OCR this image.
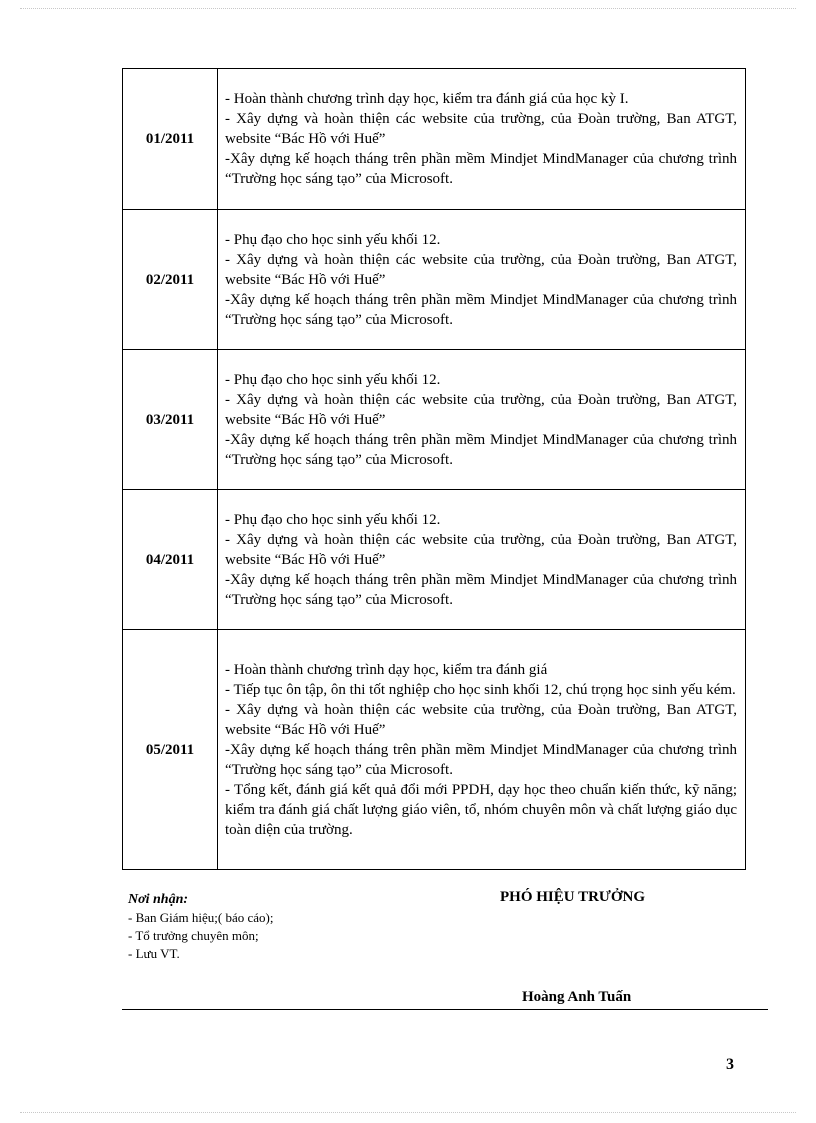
01/2011	- Hoàn thành chương trình dạy học, kiểm tra đánh giá của học kỳ I.
- Xây dựng và hoàn thiện các website của trường, của Đoàn trường, Ban ATGT, website “Bác Hồ với Huế”
-Xây dựng kế hoạch tháng trên phần mềm Mindjet MindManager của chương trình “Trường học sáng tạo” của Microsoft.

02/2011	- Phụ đạo cho học sinh yếu khối 12.
- Xây dựng và hoàn thiện các website của trường, của Đoàn trường, Ban ATGT, website “Bác Hồ với Huế”
-Xây dựng kế hoạch tháng trên phần mềm Mindjet MindManager của chương trình “Trường học sáng tạo” của Microsoft.

03/2011	- Phụ đạo cho học sinh yếu khối 12.
- Xây dựng và hoàn thiện các website của trường, của Đoàn trường, Ban ATGT, website “Bác Hồ với Huế”
-Xây dựng kế hoạch tháng trên phần mềm Mindjet MindManager của chương trình “Trường học sáng tạo” của Microsoft.

04/2011	- Phụ đạo cho học sinh yếu khối 12.
- Xây dựng và hoàn thiện các website của trường, của Đoàn trường, Ban ATGT, website “Bác Hồ với Huế”
-Xây dựng kế hoạch tháng trên phần mềm Mindjet MindManager của chương trình “Trường học sáng tạo” của Microsoft.

05/2011	- Hoàn thành chương trình dạy học, kiểm tra đánh giá
- Tiếp tục ôn tập, ôn thi tốt nghiệp cho học sinh khối 12, chú trọng học sinh yếu kém.
- Xây dựng và hoàn thiện các website của trường, của Đoàn trường, Ban ATGT, website “Bác Hồ với Huế”
-Xây dựng kế hoạch tháng trên phần mềm Mindjet MindManager của chương trình “Trường học sáng tạo” của Microsoft.
- Tổng kết, đánh giá kết quả đổi mới PPDH, dạy học theo chuẩn kiến thức, kỹ năng; kiểm tra đánh giá chất lượng giáo viên, tổ, nhóm chuyên môn và chất lượng giáo dục toàn diện của trường.
Nơi nhận:
- Ban Giám hiệu;( báo cáo);
- Tổ trưởng chuyên môn;
- Lưu VT.
PHÓ HIỆU TRƯỞNG
Hoàng Anh Tuấn
3
